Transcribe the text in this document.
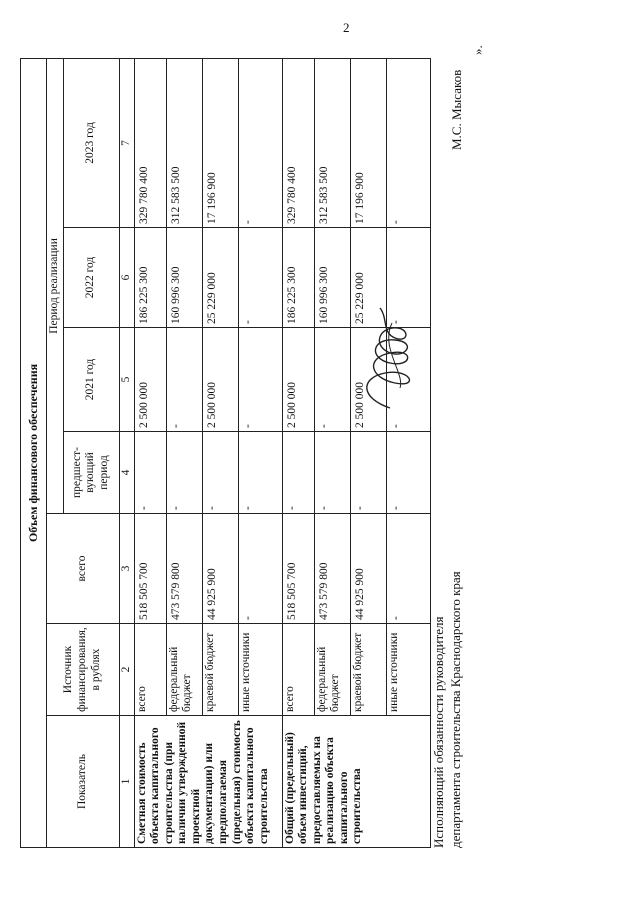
2
».
Объем финансового обеспечения						
Показатель	Источник финансирования, в рублях	всего	Период реализации			
			предшест-вующий период	2021 год	2022 год	2023 год
1	2	3	4	5	6	7
Сметная стоимость объекта капитального строительства (при наличии утвержденной проектной документации) или предполагаемая (предельная) стоимость объекта капитального строительства	всего	518 505 700	-	2 500 000	186 225 300	329 780 400
	федеральный бюджет	473 579 800	-	-	160 996 300	312 583 500
	краевой бюджет	44 925 900	-	2 500 000	25 229 000	17 196 900
	иные источники	-	-	-	-	-
Общий (предельный) объем инвестиций, предоставляемых на реализацию объекта капитального строительства	всего	518 505 700	-	2 500 000	186 225 300	329 780 400
	федеральный бюджет	473 579 800	-	-	160 996 300	312 583 500
	краевой бюджет	44 925 900	-	2 500 000	25 229 000	17 196 900
	иные источники	-	-	-	-	-
Исполняющий обязанности руководителя департамента строительства Краснодарского края
М.С. Мысаков
